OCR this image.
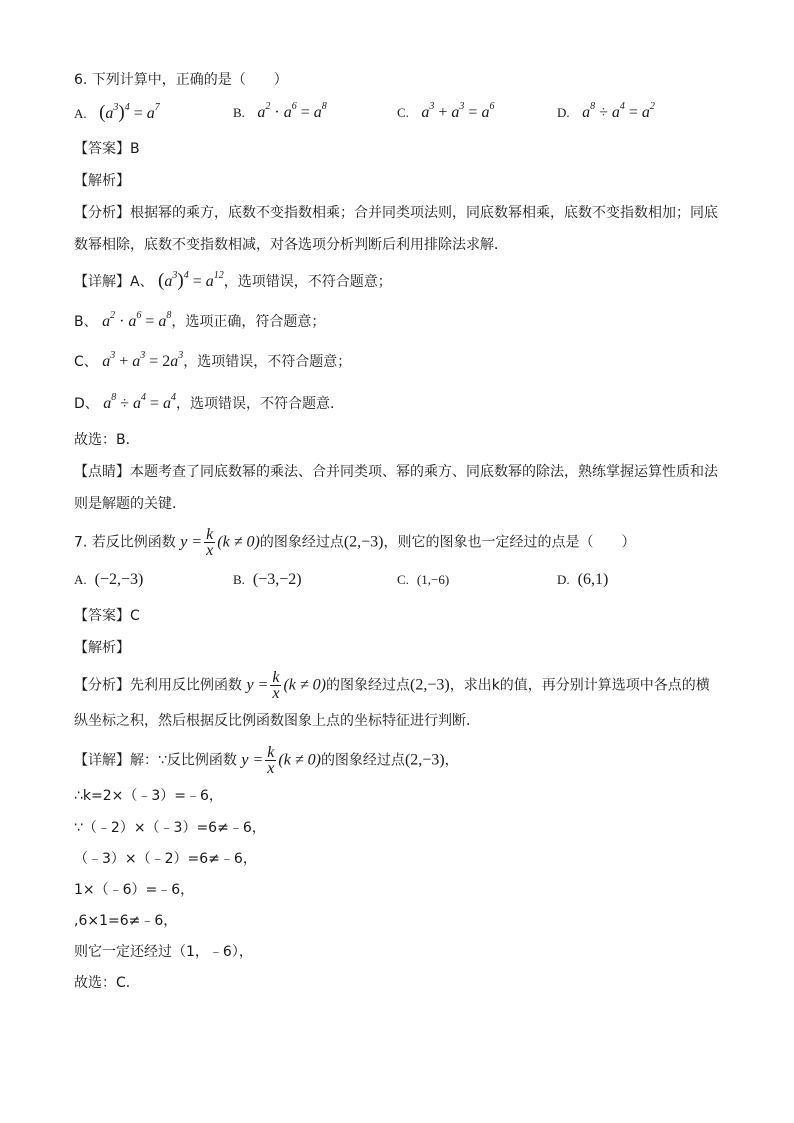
6. 下列计算中，正确的是（　　）
A. $(a^3)^4 = a^7$	B. $a^2 \cdot a^6 = a^8$	C. $a^3 + a^3 = a^6$	D. $a^8 \div a^4 = a^2$
【答案】B
【解析】
【分析】根据幂的乘方，底数不变指数相乘；合并同类项法则，同底数幂相乘，底数不变指数相加；同底
数幂相除，底数不变指数相减，对各选项分析判断后利用排除法求解．
【详解】A、 $(a^3)^4 = a^{12}$，选项错误，不符合题意；
B、 $a^2 \cdot a^6 = a^8$，选项正确，符合题意；
C、 $a^3 + a^3 = 2a^3$，选项错误，不符合题意；
D、 $a^8 \div a^4 = a^4$，选项错误，不符合题意．
故选：B．
【点睛】本题考查了同底数幂的乘法、合并同类项、幂的乘方、同底数幂的除法，熟练掌握运算性质和法
则是解题的关键．
7. 若反比例函数 $y = \frac{k}{x} (k \ne 0)$的图象经过点(2,−3)，则它的图象也一定经过的点是（　　）
A. (−2,−3)	B. (−3,−2)	C. (1,−6)	D. (6,1)
【答案】C
【解析】
【分析】先利用反比例函数 $y = \frac{k}{x} (k \ne 0)$的图象经过点(2,−3)，求出k的值，再分别计算选项中各点的横
纵坐标之积，然后根据反比例函数图象上点的坐标特征进行判断．
【详解】解：∵反比例函数 $y = \frac{k}{x} (k \ne 0)$的图象经过点(2,−3)，
∴k=2×（﹣3）=﹣6，
∵（﹣2）×（﹣3）=6≠﹣6，
（﹣3）×（﹣2）=6≠﹣6，
1×（﹣6）=﹣6，
,6×1=6≠﹣6，
则它一定还经过（1，﹣6），
故选：C．
